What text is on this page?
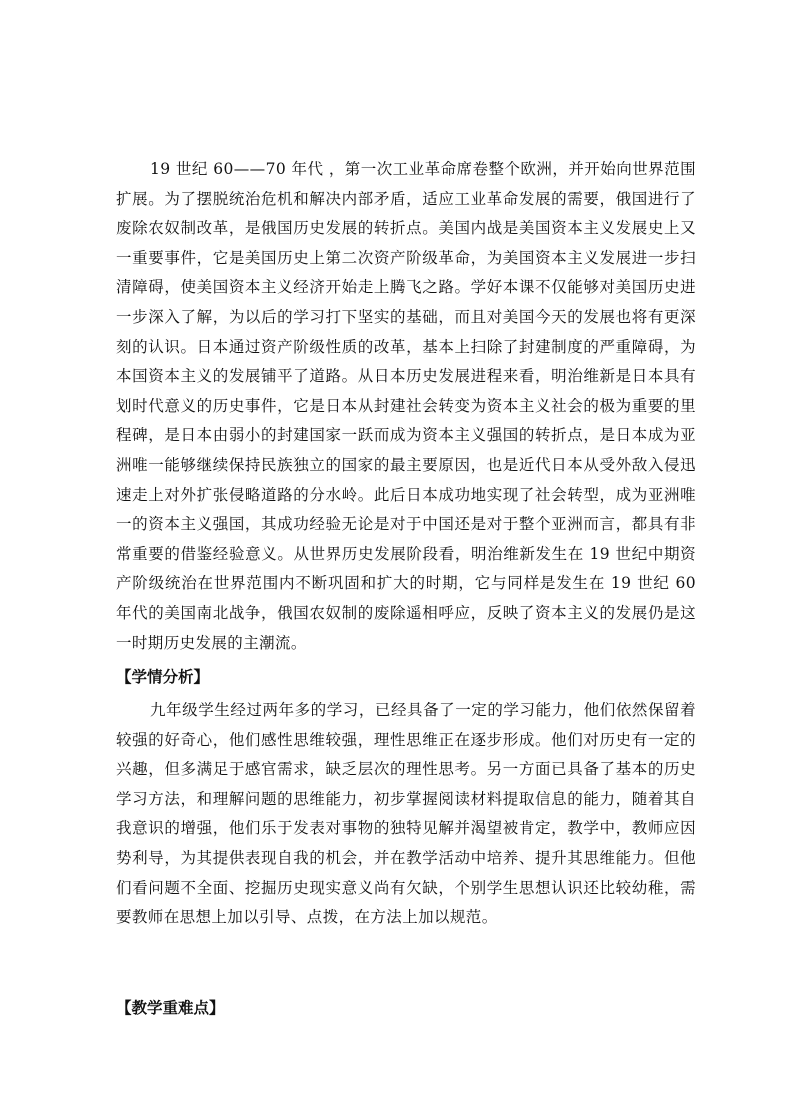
19 世纪 60——70 年代 ，第一次工业革命席卷整个欧洲，并开始向世界范围扩展。为了摆脱统治危机和解决内部矛盾，适应工业革命发展的需要，俄国进行了废除农奴制改革，是俄国历史发展的转折点。美国内战是美国资本主义发展史上又一重要事件，它是美国历史上第二次资产阶级革命，为美国资本主义发展进一步扫清障碍，使美国资本主义经济开始走上腾飞之路。学好本课不仅能够对美国历史进一步深入了解，为以后的学习打下坚实的基础，而且对美国今天的发展也将有更深刻的认识。日本通过资产阶级性质的改革，基本上扫除了封建制度的严重障碍，为本国资本主义的发展铺平了道路。从日本历史发展进程来看，明治维新是日本具有划时代意义的历史事件，它是日本从封建社会转变为资本主义社会的极为重要的里程碑，是日本由弱小的封建国家一跃而成为资本主义强国的转折点，是日本成为亚洲唯一能够继续保持民族独立的国家的最主要原因，也是近代日本从受外敌入侵迅速走上对外扩张侵略道路的分水岭。此后日本成功地实现了社会转型，成为亚洲唯一的资本主义强国，其成功经验无论是对于中国还是对于整个亚洲而言，都具有非常重要的借鉴经验意义。从世界历史发展阶段看，明治维新发生在 19 世纪中期资产阶级统治在世界范围内不断巩固和扩大的时期，它与同样是发生在 19 世纪 60 年代的美国南北战争，俄国农奴制的废除遥相呼应，反映了资本主义的发展仍是这一时期历史发展的主潮流。

【学情分析】

九年级学生经过两年多的学习，已经具备了一定的学习能力，他们依然保留着较强的好奇心，他们感性思维较强，理性思维正在逐步形成。他们对历史有一定的兴趣，但多满足于感官需求，缺乏层次的理性思考。另一方面已具备了基本的历史学习方法，和理解问题的思维能力，初步掌握阅读材料提取信息的能力，随着其自我意识的增强，他们乐于发表对事物的独特见解并渴望被肯定，教学中，教师应因势利导，为其提供表现自我的机会，并在教学活动中培养、提升其思维能力。但他们看问题不全面、挖掘历史现实意义尚有欠缺，个别学生思想认识还比较幼稚，需要教师在思想上加以引导、点拨，在方法上加以规范。

【教学重难点】
